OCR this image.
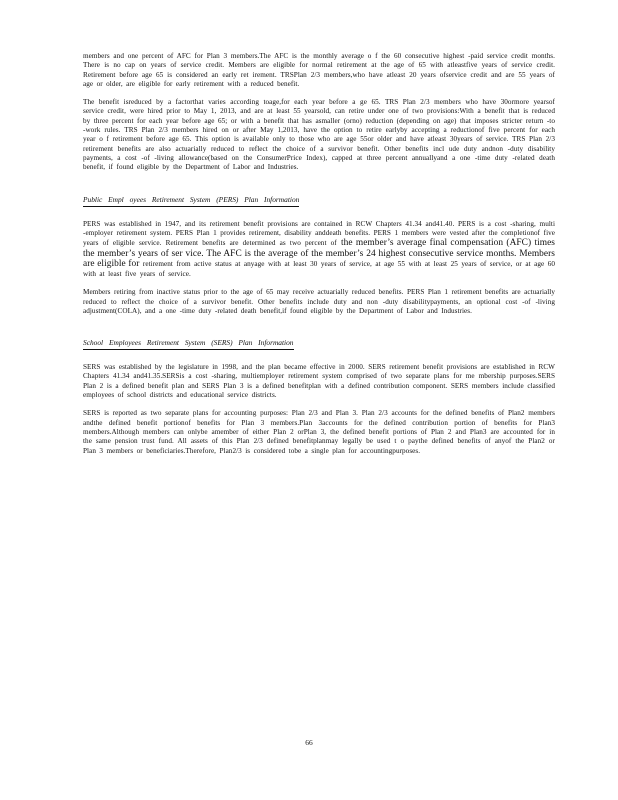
members and one percent of AFC for Plan 3 members.The AFC is the monthly average o f the 60 consecutive highest -paid service credit months. There is no cap on years of service credit. Members are eligible for normal retirement at the age of 65 with atleastfive years of service credit. Retirement before age 65 is considered an early ret irement. TRSPlan 2/3 members,who have atleast 20 years ofservice credit and are 55 years of age or older, are eligible for early retirement with a reduced benefit.

The benefit isreduced by a factorthat varies according toage,for each year before a ge 65. TRS Plan 2/3 members who have 30ormore yearsof service credit, were hired prior to May 1, 2013, and are at least 55 yearsold, can retire under one of two provisions:With a benefit that is reduced by three percent for each year before age 65; or with a benefit that has asmaller (orno) reduction (depending on age) that imposes stricter return -to -work rules. TRS Plan 2/3 members hired on or after May 1,2013, have the option to retire earlyby accepting a reductionof five percent for each year o f retirement before age 65. This option is available only to those who are age 55or older and have atleast 30years of service. TRS Plan 2/3 retirement benefits are also actuarially reduced to reflect the choice of a survivor benefit. Other benefits incl ude duty andnon -duty disability payments, a cost -of -living allowance(based on the ConsumerPrice Index), capped at three percent annuallyand a one -time duty -related death benefit, if found eligible by the Department of Labor and Industries.

Public Empl oyees Retirement System (PERS) Plan Information

PERS was established in 1947, and its retirement benefit provisions are contained in RCW Chapters 41.34 and41.40. PERS is a cost -sharing, multi -employer retirement system. PERS Plan 1 provides retirement, disability anddeath benefits. PERS 1 members were vested after the completionof five years of eligible service. Retirement benefits are determined as two percent of the member’s average final compensation (AFC) times the member’s years of ser vice. The AFC is the average of the member’s 24 highest consecutive service months. Members are eligible for retirement from active status at anyage with at least 30 years of service, at age 55 with at least 25 years of service, or at age 60 with at least five years of service.

Members retiring from inactive status prior to the age of 65 may receive actuarially reduced benefits. PERS Plan 1 retirement benefits are actuarially reduced to reflect the choice of a survivor benefit. Other benefits include duty and non -duty disabilitypayments, an optional cost -of -living adjustment(COLA), and a one -time duty -related death benefit,if found eligible by the Department of Labor and Industries.

School Employees Retirement System (SERS) Plan Information

SERS was established by the legislature in 1998, and the plan became effective in 2000. SERS retirement benefit provisions are established in RCW Chapters 41.34 and41.35.SERSis a cost -sharing, multiemployer retirement system comprised of two separate plans for me mbership purposes.SERS Plan 2 is a defined benefit plan and SERS Plan 3 is a defined benefitplan with a defined contribution component. SERS members include classified employees of school districts and educational service districts.

SERS is reported as two separate plans for accounting purposes: Plan 2/3 and Plan 3. Plan 2/3 accounts for the defined benefits of Plan2 members andthe defined benefit portionof benefits for Plan 3 members.Plan 3accounts for the defined contribution portion of benefits for Plan3 members.Although members can onlybe amember of either Plan 2 orPlan 3, the defined benefit portions of Plan 2 and Plan3 are accounted for in the same pension trust fund. All assets of this Plan 2/3 defined benefitplanmay legally be used t o paythe defined benefits of anyof the Plan2 or Plan 3 members or beneficiaries.Therefore, Plan2/3 is considered tobe a single plan for accountingpurposes.

66
